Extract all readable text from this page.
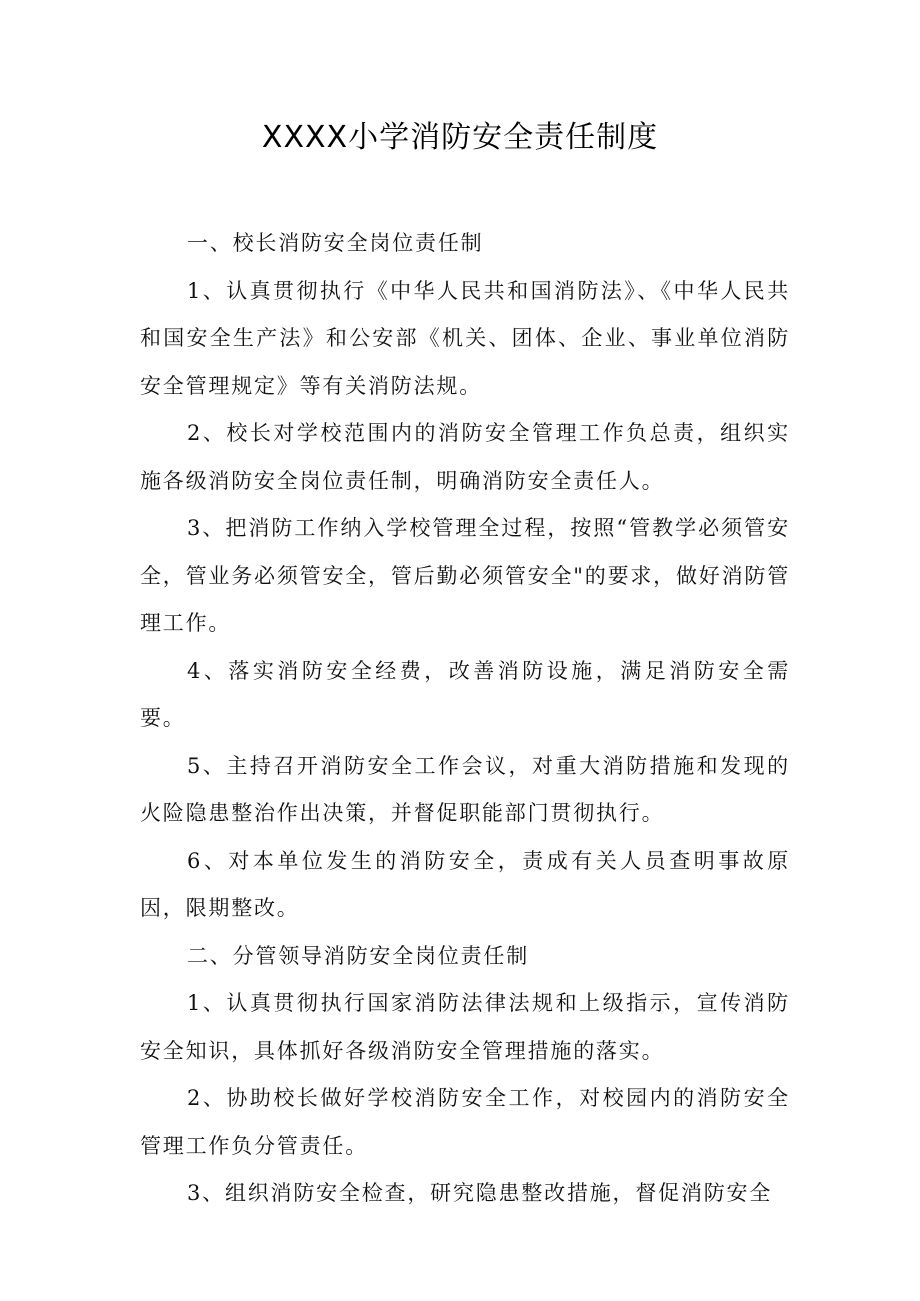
XXXX小学消防安全责任制度

一、校长消防安全岗位责任制

1、认真贯彻执行《中华人民共和国消防法》、《中华人民共和国安全生产法》和公安部《机关、团体、企业、事业单位消防安全管理规定》等有关消防法规。

2、校长对学校范围内的消防安全管理工作负总责，组织实施各级消防安全岗位责任制，明确消防安全责任人。

3、把消防工作纳入学校管理全过程，按照“管教学必须管安全，管业务必须管安全，管后勤必须管安全"的要求，做好消防管理工作。

4、落实消防安全经费，改善消防设施，满足消防安全需要。

5、主持召开消防安全工作会议，对重大消防措施和发现的火险隐患整治作出决策，并督促职能部门贯彻执行。

6、对本单位发生的消防安全，责成有关人员查明事故原因，限期整改。

二、分管领导消防安全岗位责任制

1、认真贯彻执行国家消防法律法规和上级指示，宣传消防安全知识，具体抓好各级消防安全管理措施的落实。

2、协助校长做好学校消防安全工作，对校园内的消防安全管理工作负分管责任。

3、组织消防安全检查，研究隐患整改措施，督促消防安全
